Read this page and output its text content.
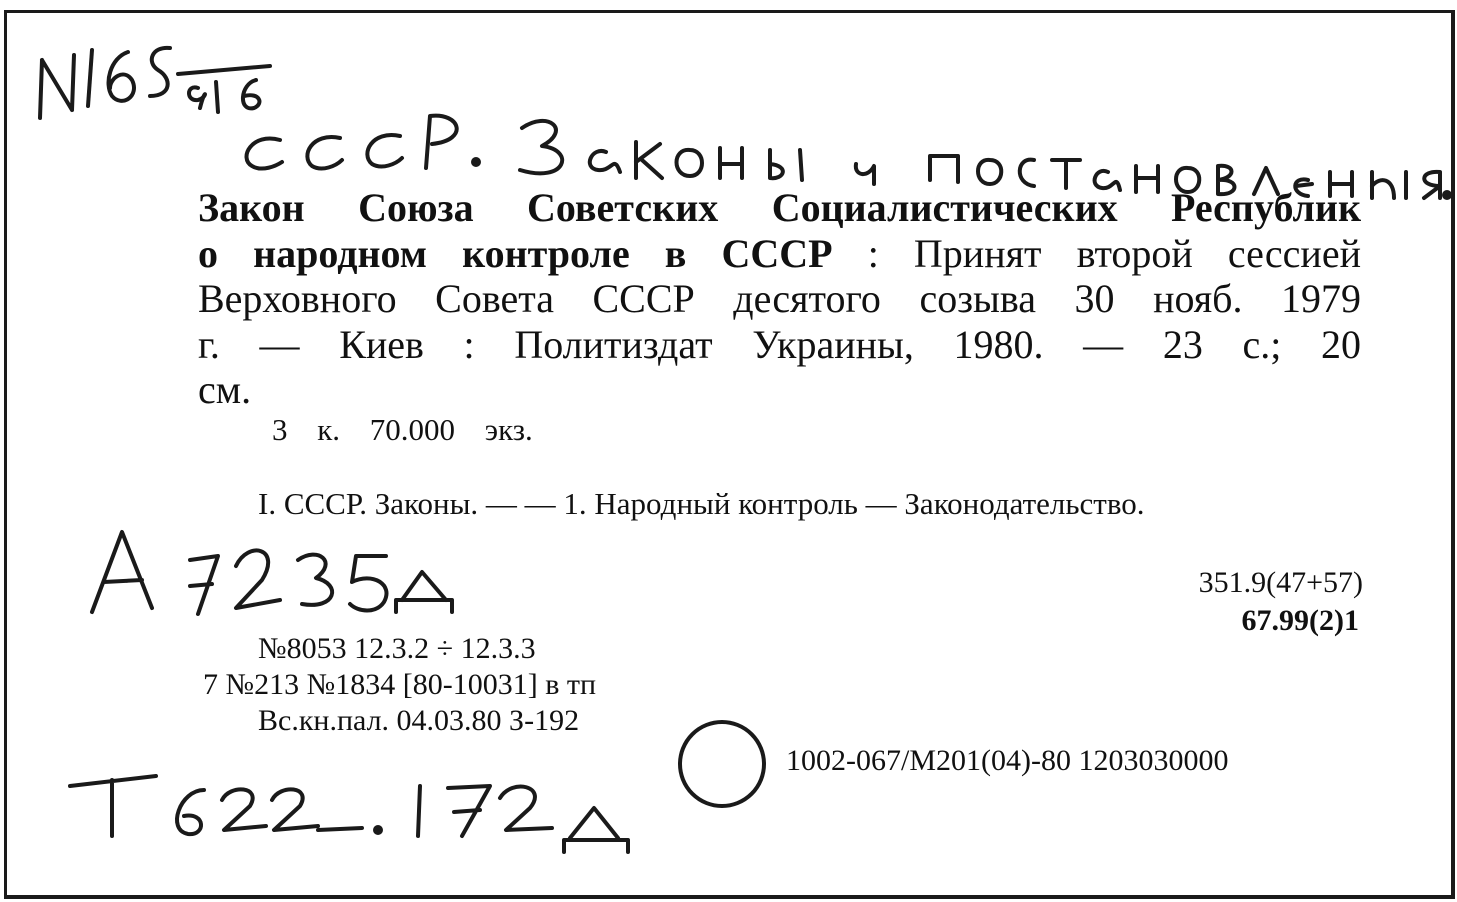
Закон Союза Советских Социалистических Республик
о народном контроле в СССР : Принят второй сессией
Верховного Совета СССР десятого созыва 30 нояб. 1979
г. — Киев : Политиздат Украины, 1980. — 23 с.; 20
см.

3 к. 70.000 экз.

I. СССР. Законы. — — 1. Народный контроль — Законодательство.

351.9(47+57)

67.99(2)1

№8053 12.3.2 ÷ 12.3.3

7 №213 №1834 [80-10031] в тп

Вс.кн.пал. 04.03.80 З-192

1002-067/М201(04)-80 1203030000
